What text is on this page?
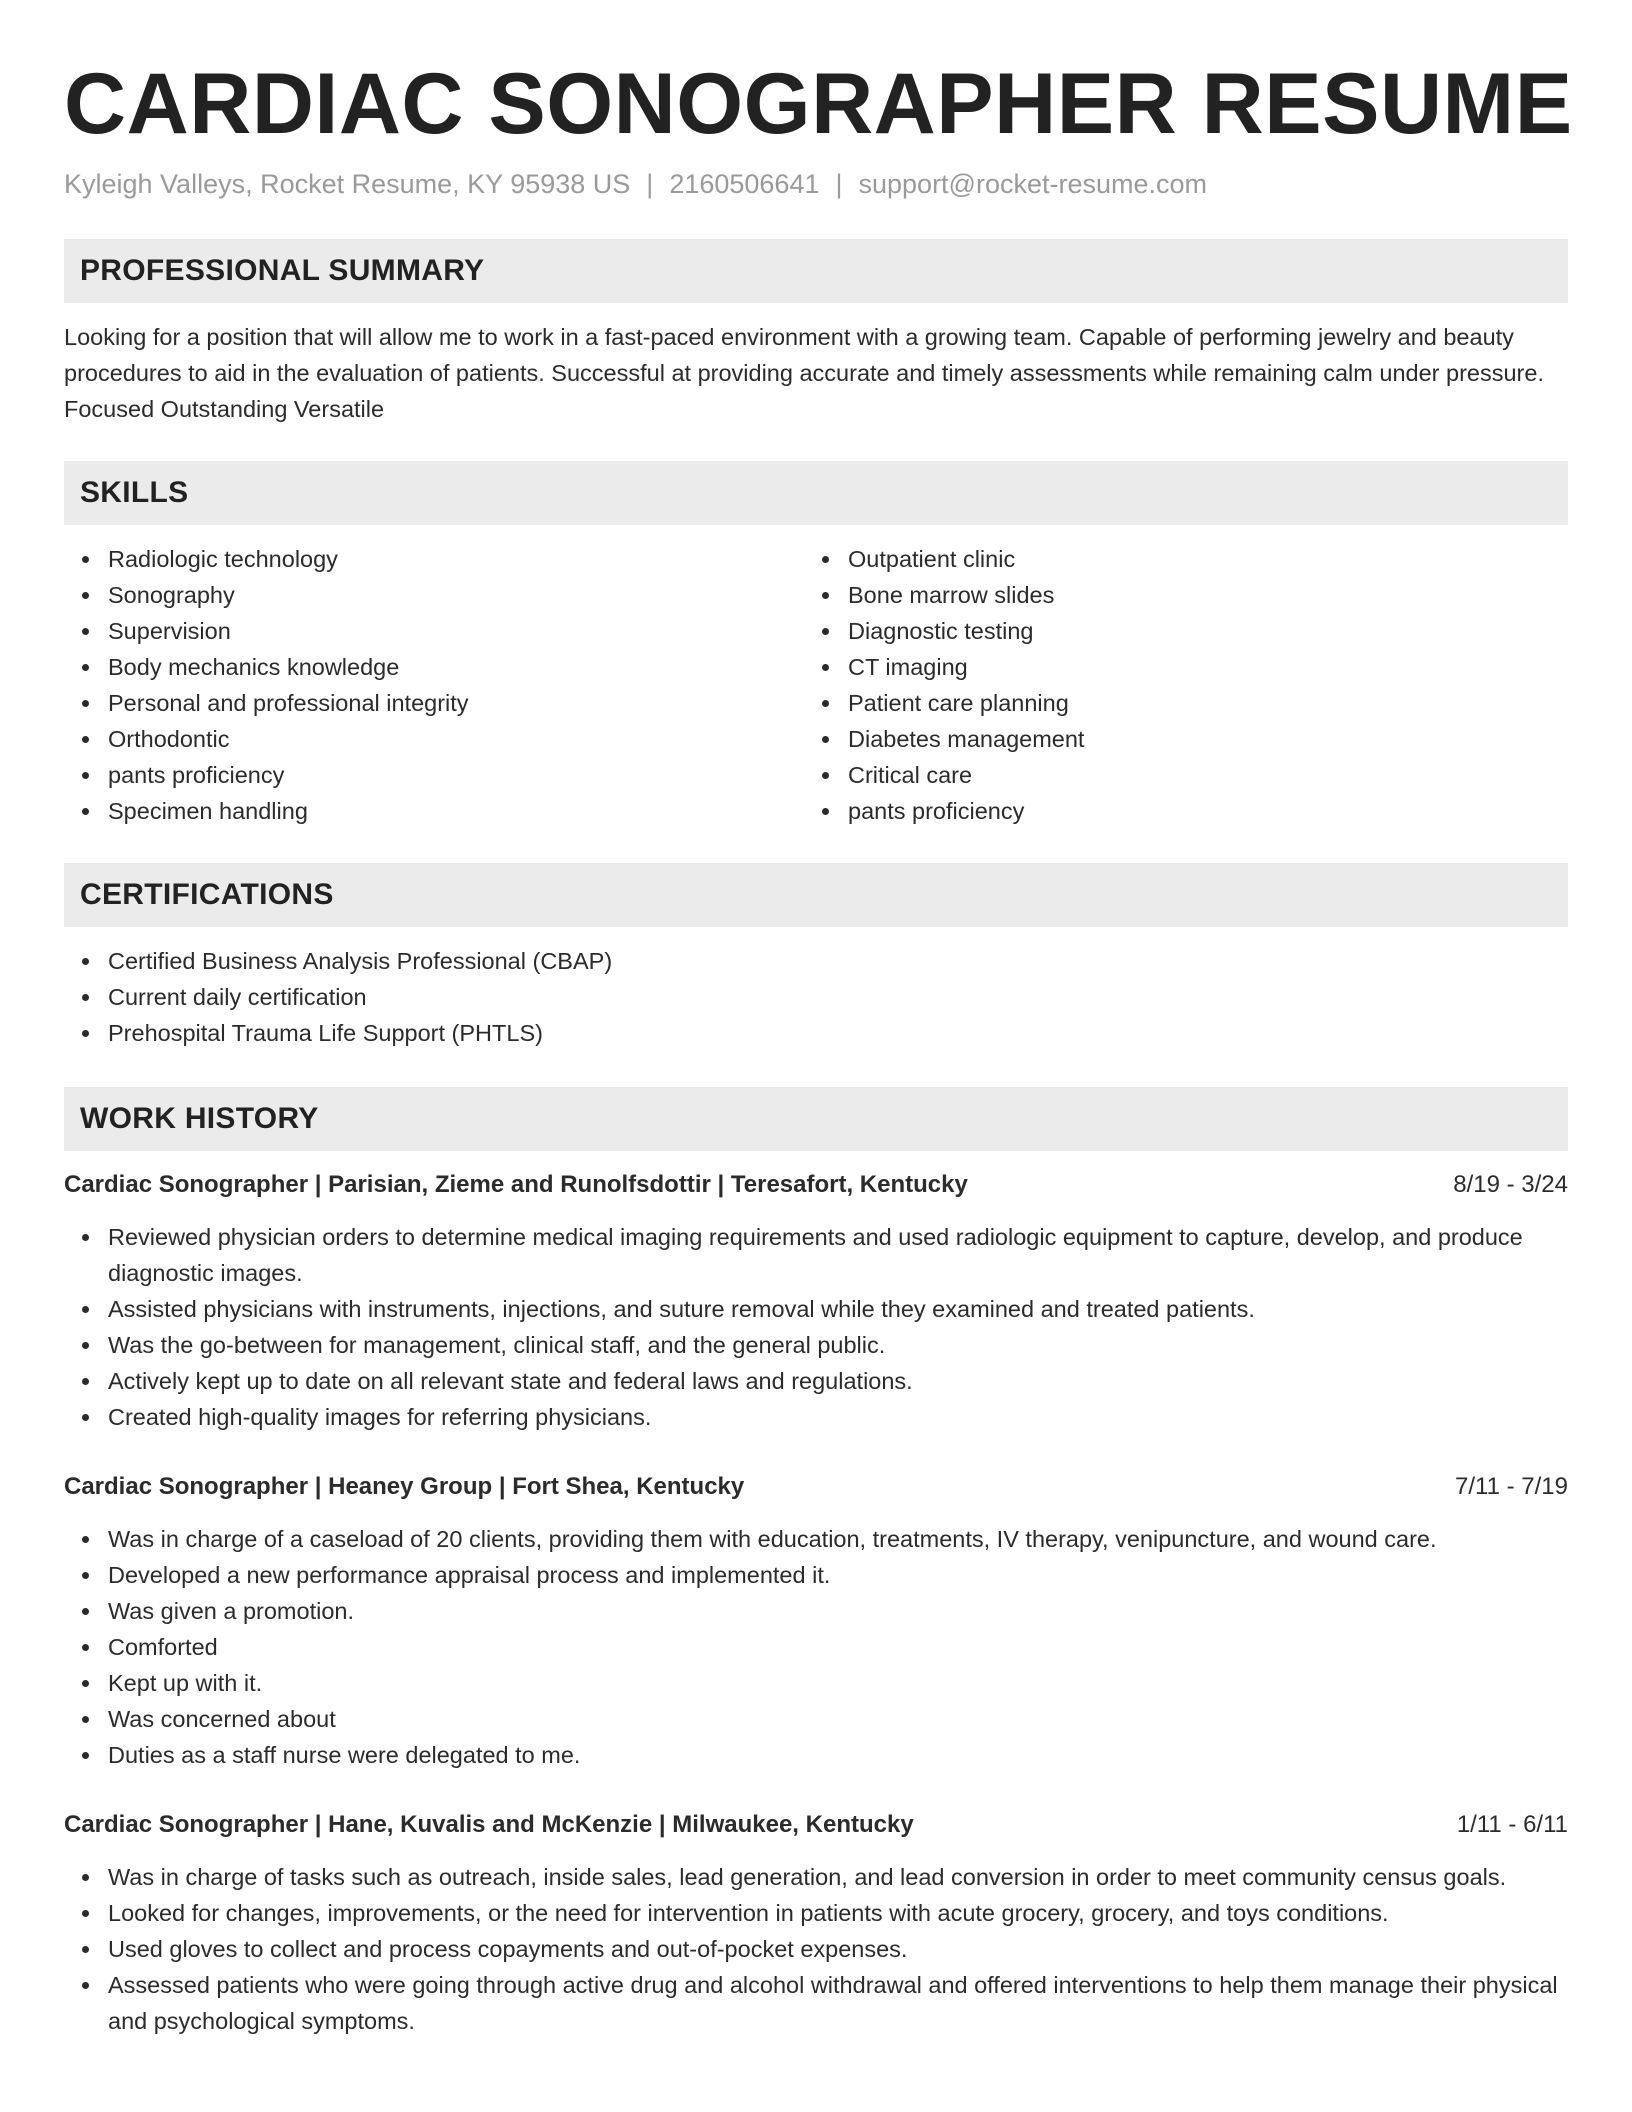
CARDIAC SONOGRAPHER RESUME
Kyleigh Valleys, Rocket Resume, KY 95938 US | 2160506641 | support@rocket-resume.com
PROFESSIONAL SUMMARY

Looking for a position that will allow me to work in a fast-paced environment with a growing team. Capable of performing jewelry and beauty procedures to aid in the evaluation of patients. Successful at providing accurate and timely assessments while remaining calm under pressure. Focused Outstanding Versatile

SKILLS
Radiologic technology
Sonography
Supervision
Body mechanics knowledge
Personal and professional integrity
Orthodontic
pants proficiency
Specimen handling
Outpatient clinic
Bone marrow slides
Diagnostic testing
CT imaging
Patient care planning
Diabetes management
Critical care
pants proficiency
CERTIFICATIONS
Certified Business Analysis Professional (CBAP)
Current daily certification
Prehospital Trauma Life Support (PHTLS)
WORK HISTORY
Cardiac Sonographer | Parisian, Zieme and Runolfsdottir | Teresafort, Kentucky	8/19 - 3/24
Reviewed physician orders to determine medical imaging requirements and used radiologic equipment to capture, develop, and produce diagnostic images.
Assisted physicians with instruments, injections, and suture removal while they examined and treated patients.
Was the go-between for management, clinical staff, and the general public.
Actively kept up to date on all relevant state and federal laws and regulations.
Created high-quality images for referring physicians.
Cardiac Sonographer | Heaney Group | Fort Shea, Kentucky	7/11 - 7/19
Was in charge of a caseload of 20 clients, providing them with education, treatments, IV therapy, venipuncture, and wound care.
Developed a new performance appraisal process and implemented it.
Was given a promotion.
Comforted
Kept up with it.
Was concerned about
Duties as a staff nurse were delegated to me.
Cardiac Sonographer | Hane, Kuvalis and McKenzie | Milwaukee, Kentucky	1/11 - 6/11
Was in charge of tasks such as outreach, inside sales, lead generation, and lead conversion in order to meet community census goals.
Looked for changes, improvements, or the need for intervention in patients with acute grocery, grocery, and toys conditions.
Used gloves to collect and process copayments and out-of-pocket expenses.
Assessed patients who were going through active drug and alcohol withdrawal and offered interventions to help them manage their physical and psychological symptoms.
